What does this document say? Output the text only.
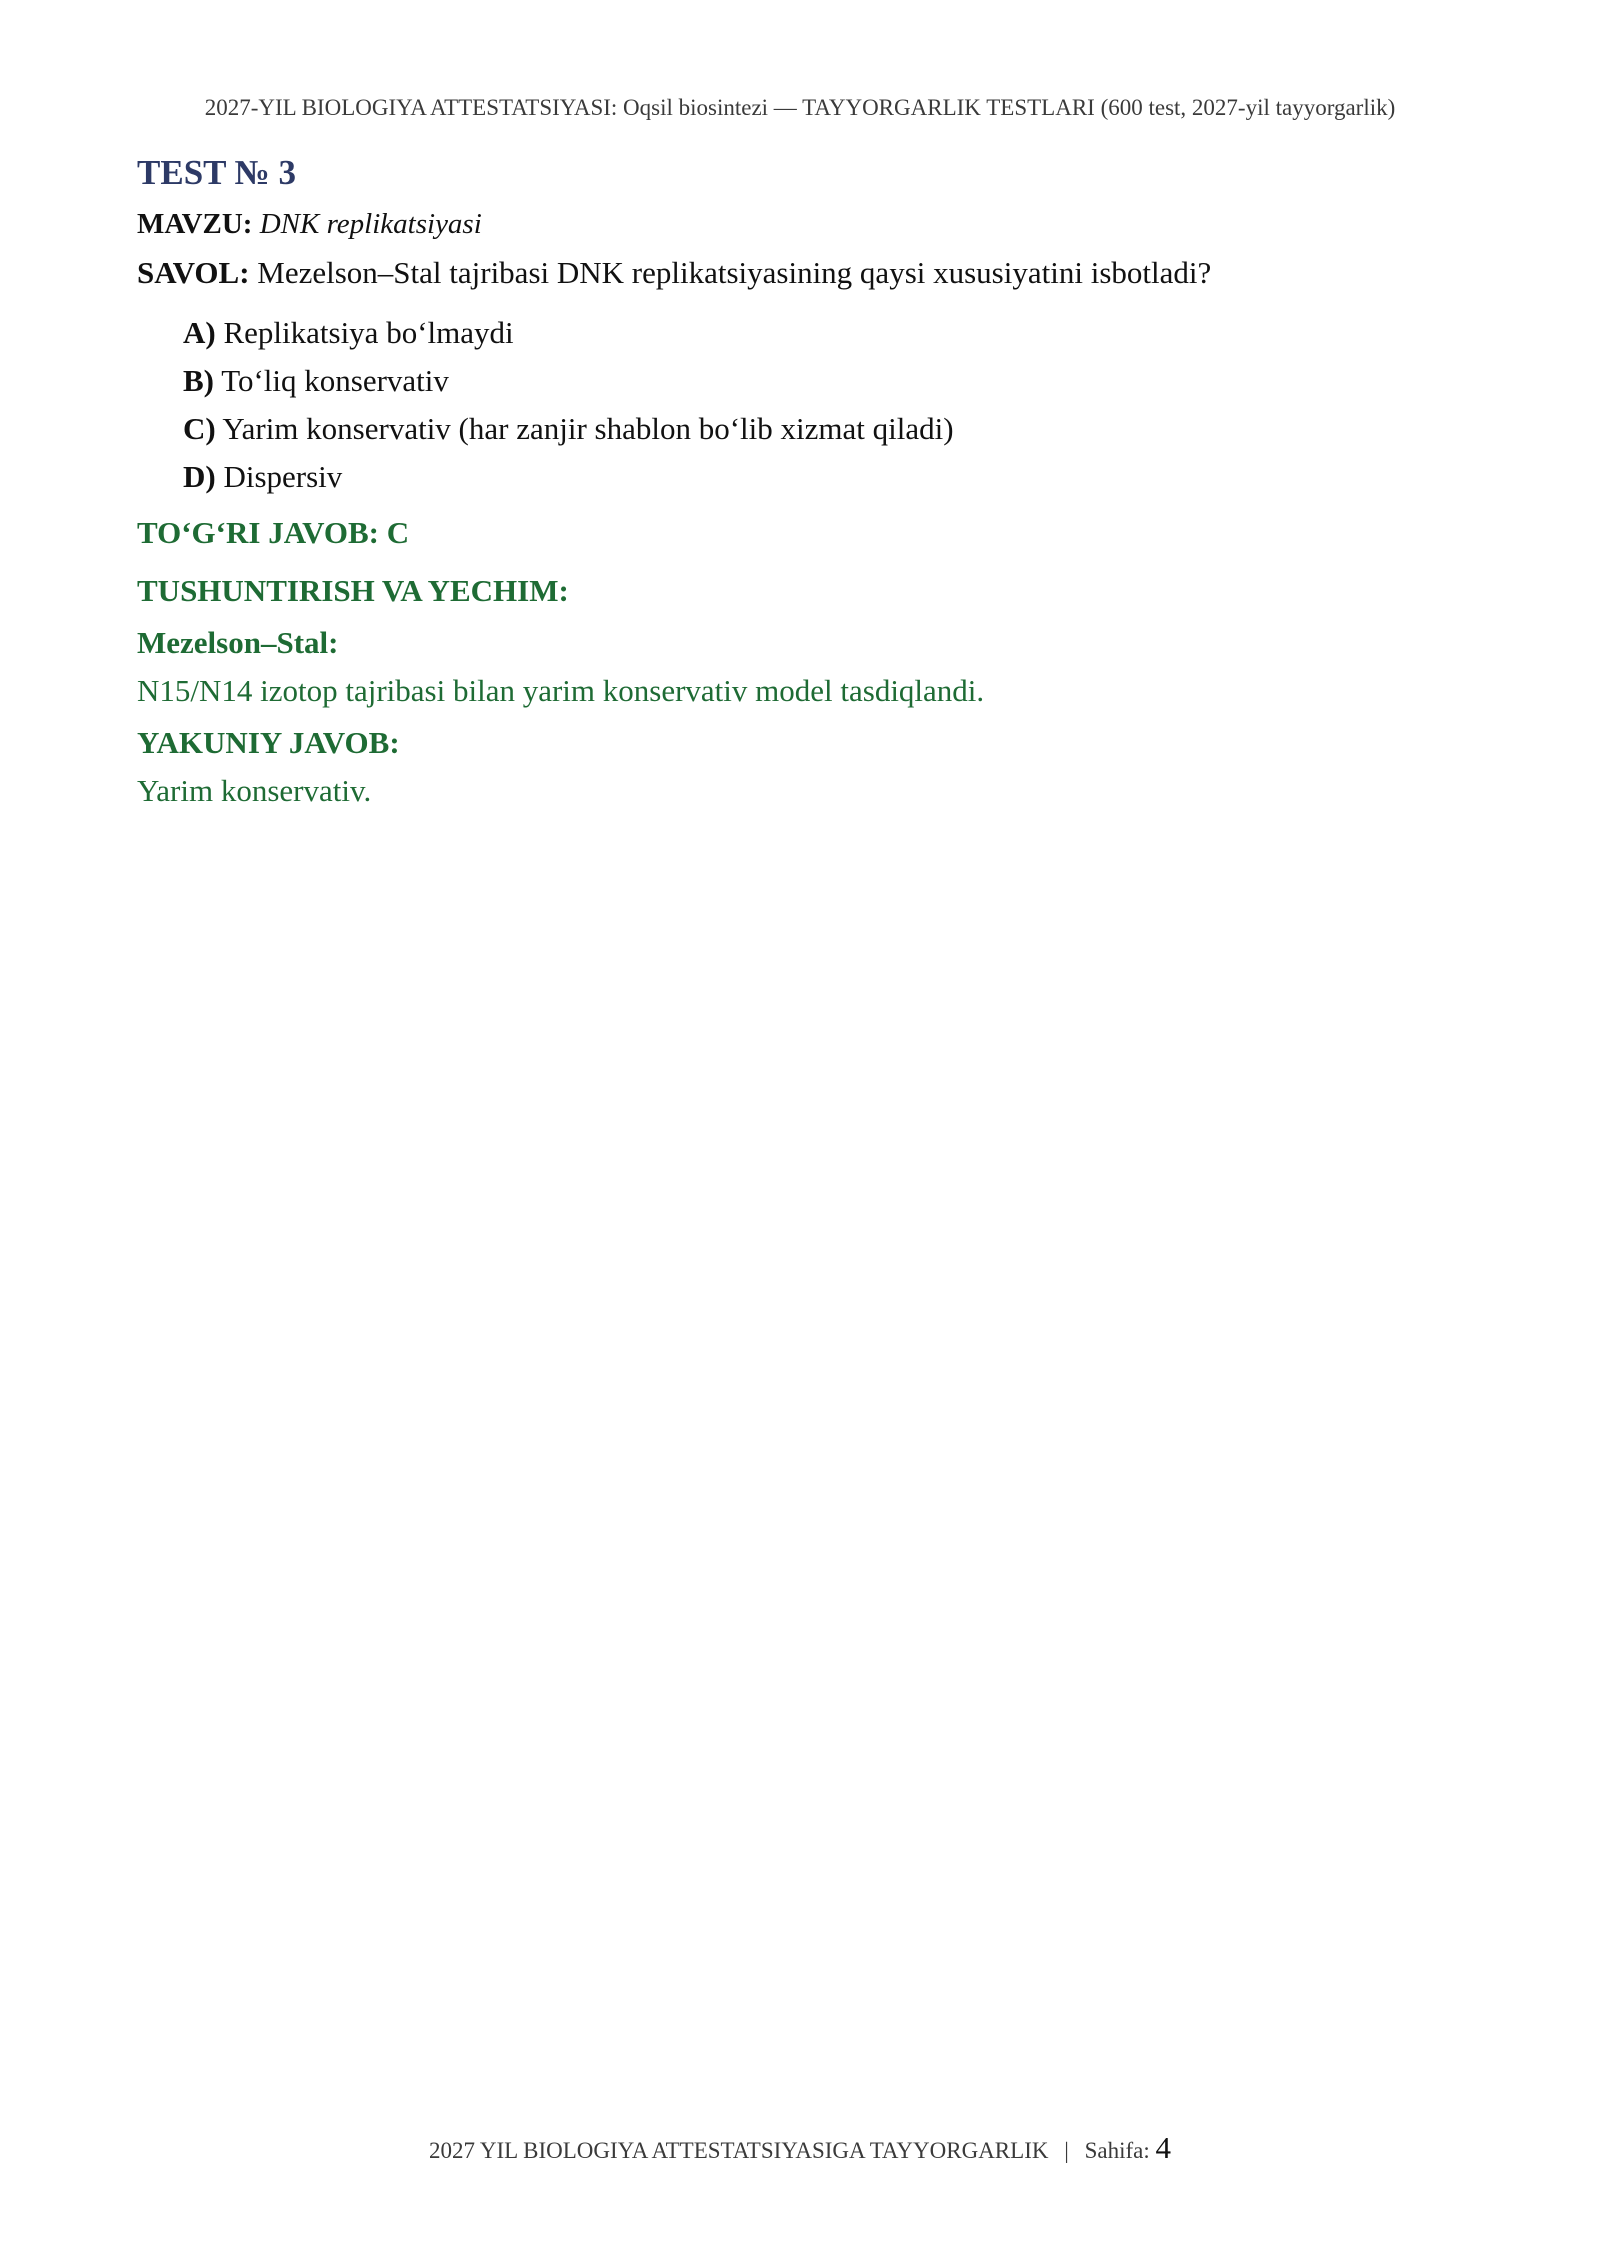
2027-YIL BIOLOGIYA ATTESTATSIYASI: Oqsil biosintezi — TAYYORGARLIK TESTLARI (600 test, 2027-yil tayyorgarlik)
TEST № 3
MAVZU: DNK replikatsiyasi
SAVOL: Mezelson–Stal tajribasi DNK replikatsiyasining qaysi xususiyatini isbotladi?
A) Replikatsiya bo‘lmaydi
B) To‘liq konservativ
C) Yarim konservativ (har zanjir shablon bo‘lib xizmat qiladi)
D) Dispersiv
TO‘G‘RI JAVOB: C
TUSHUNTIRISH VA YECHIM:
Mezelson–Stal:
N15/N14 izotop tajribasi bilan yarim konservativ model tasdiqlandi.
YAKUNIY JAVOB:
Yarim konservativ.
2027 YIL BIOLOGIYA ATTESTATSIYASIGA TAYYORGARLIK | Sahifa: 4
